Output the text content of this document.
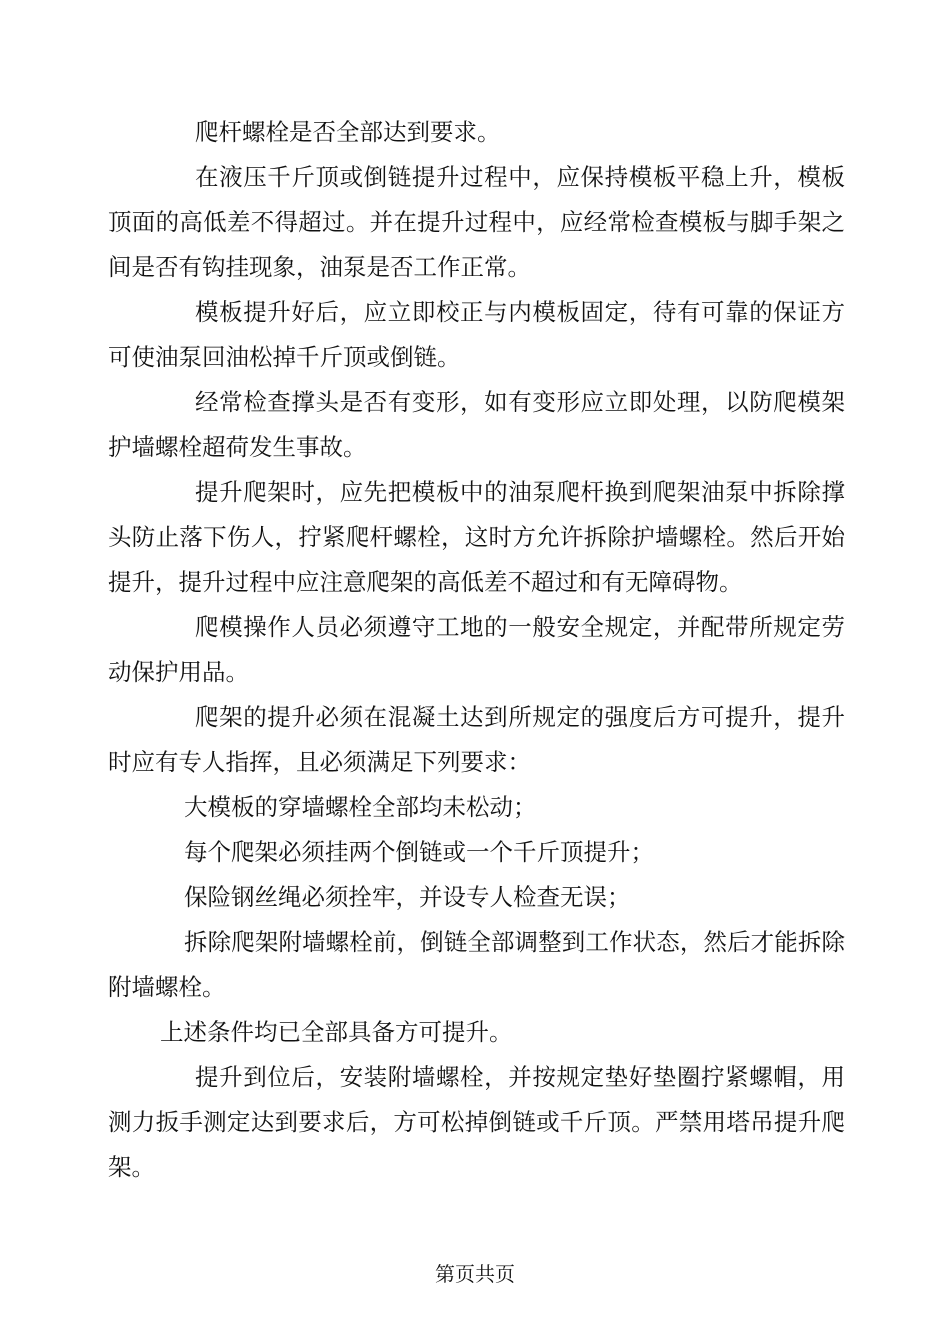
爬杆螺栓是否全部达到要求。

在液压千斤顶或倒链提升过程中，应保持模板平稳上升，模板顶面的高低差不得超过。并在提升过程中，应经常检查模板与脚手架之间是否有钩挂现象，油泵是否工作正常。

模板提升好后，应立即校正与内模板固定，待有可靠的保证方可使油泵回油松掉千斤顶或倒链。

经常检查撑头是否有变形，如有变形应立即处理，以防爬模架护墙螺栓超荷发生事故。

提升爬架时，应先把模板中的油泵爬杆换到爬架油泵中拆除撑头防止落下伤人，拧紧爬杆螺栓，这时方允许拆除护墙螺栓。然后开始提升，提升过程中应注意爬架的高低差不超过和有无障碍物。

爬模操作人员必须遵守工地的一般安全规定，并配带所规定劳动保护用品。

爬架的提升必须在混凝土达到所规定的强度后方可提升，提升时应有专人指挥，且必须满足下列要求：

大模板的穿墙螺栓全部均未松动；

每个爬架必须挂两个倒链或一个千斤顶提升；

保险钢丝绳必须拴牢，并设专人检查无误；

拆除爬架附墙螺栓前，倒链全部调整到工作状态，然后才能拆除附墙螺栓。

上述条件均已全部具备方可提升。

提升到位后，安装附墙螺栓，并按规定垫好垫圈拧紧螺帽，用测力扳手测定达到要求后，方可松掉倒链或千斤顶。严禁用塔吊提升爬架。

第页共页
